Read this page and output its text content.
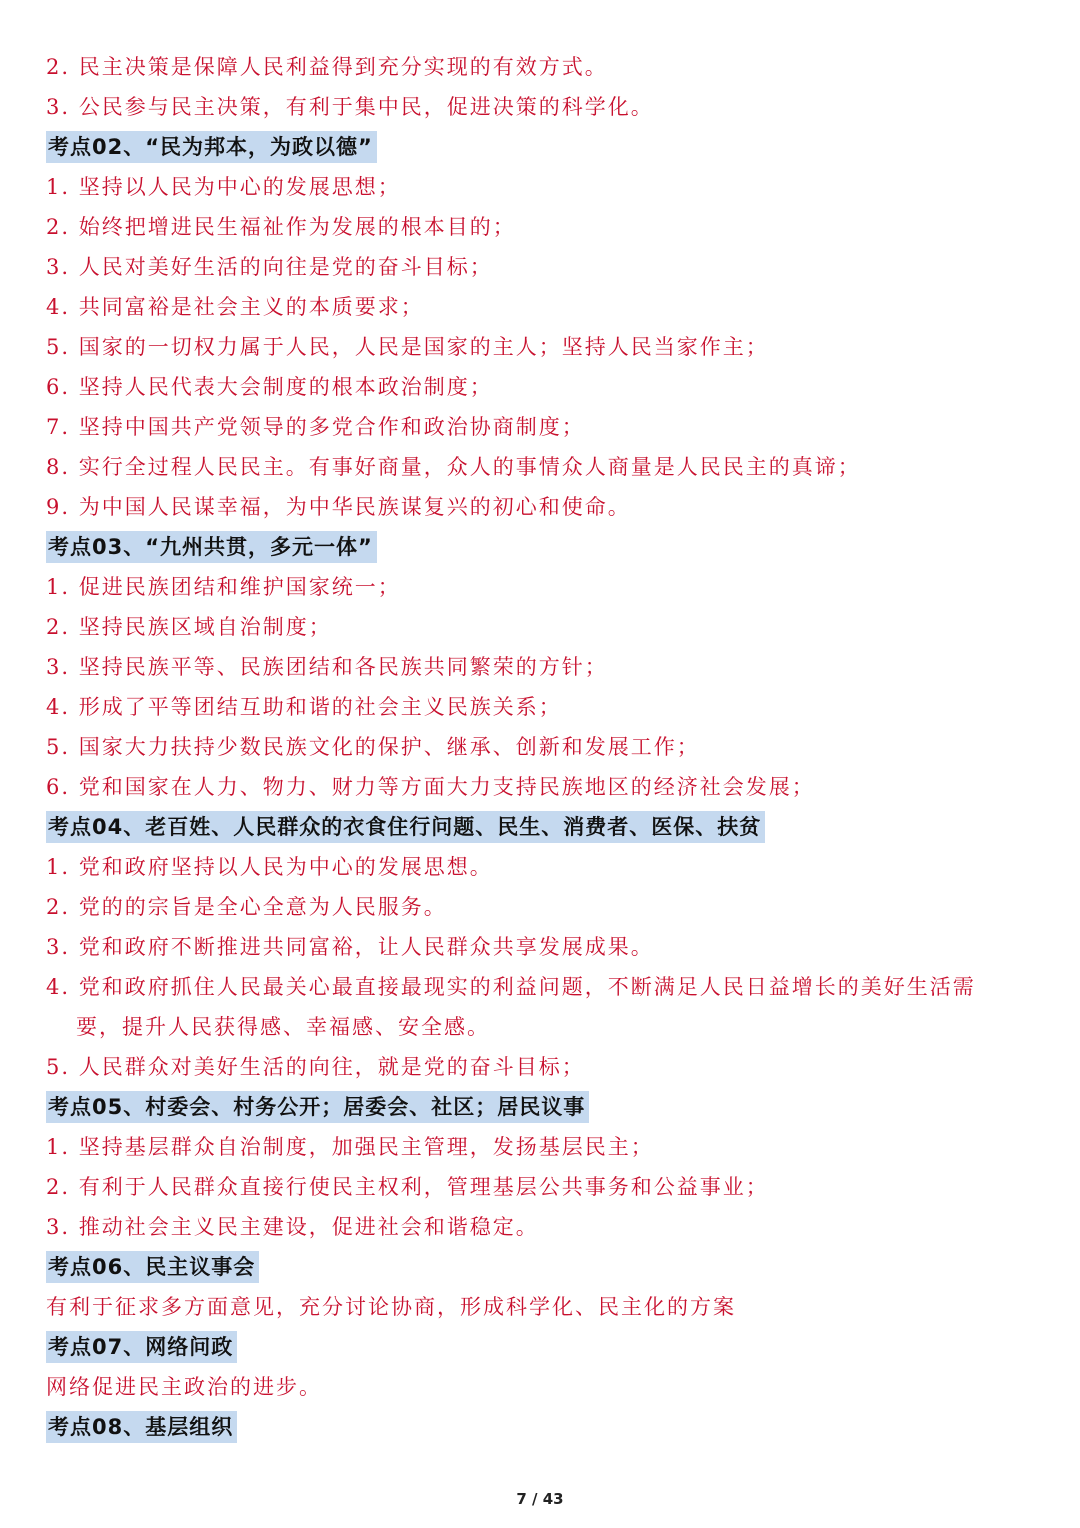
2. 民主决策是保障人民利益得到充分实现的有效方式。
3. 公民参与民主决策，有利于集中民，促进决策的科学化。
考点02、“民为邦本，为政以德”
1. 坚持以人民为中心的发展思想；
2. 始终把增进民生福祉作为发展的根本目的；
3. 人民对美好生活的向往是党的奋斗目标；
4. 共同富裕是社会主义的本质要求；
5. 国家的一切权力属于人民，人民是国家的主人；坚持人民当家作主；
6. 坚持人民代表大会制度的根本政治制度；
7. 坚持中国共产党领导的多党合作和政治协商制度；
8. 实行全过程人民民主。有事好商量，众人的事情众人商量是人民民主的真谛；
9. 为中国人民谋幸福，为中华民族谋复兴的初心和使命。
考点03、“九州共贯，多元一体”
1. 促进民族团结和维护国家统一；
2. 坚持民族区域自治制度；
3. 坚持民族平等、民族团结和各民族共同繁荣的方针；
4. 形成了平等团结互助和谐的社会主义民族关系；
5. 国家大力扶持少数民族文化的保护、继承、创新和发展工作；
6. 党和国家在人力、物力、财力等方面大力支持民族地区的经济社会发展；
考点04、老百姓、人民群众的衣食住行问题、民生、消费者、医保、扶贫
1. 党和政府坚持以人民为中心的发展思想。
2. 党的的宗旨是全心全意为人民服务。
3. 党和政府不断推进共同富裕，让人民群众共享发展成果。
4. 党和政府抓住人民最关心最直接最现实的利益问题，不断满足人民日益增长的美好生活需
要，提升人民获得感、幸福感、安全感。
5. 人民群众对美好生活的向往，就是党的奋斗目标；
考点05、村委会、村务公开；居委会、社区；居民议事
1. 坚持基层群众自治制度，加强民主管理，发扬基层民主；
2. 有利于人民群众直接行使民主权利，管理基层公共事务和公益事业；
3. 推动社会主义民主建设，促进社会和谐稳定。
考点06、民主议事会
有利于征求多方面意见，充分讨论协商，形成科学化、民主化的方案
考点07、网络问政
网络促进民主政治的进步。
考点08、基层组织
7 / 43
